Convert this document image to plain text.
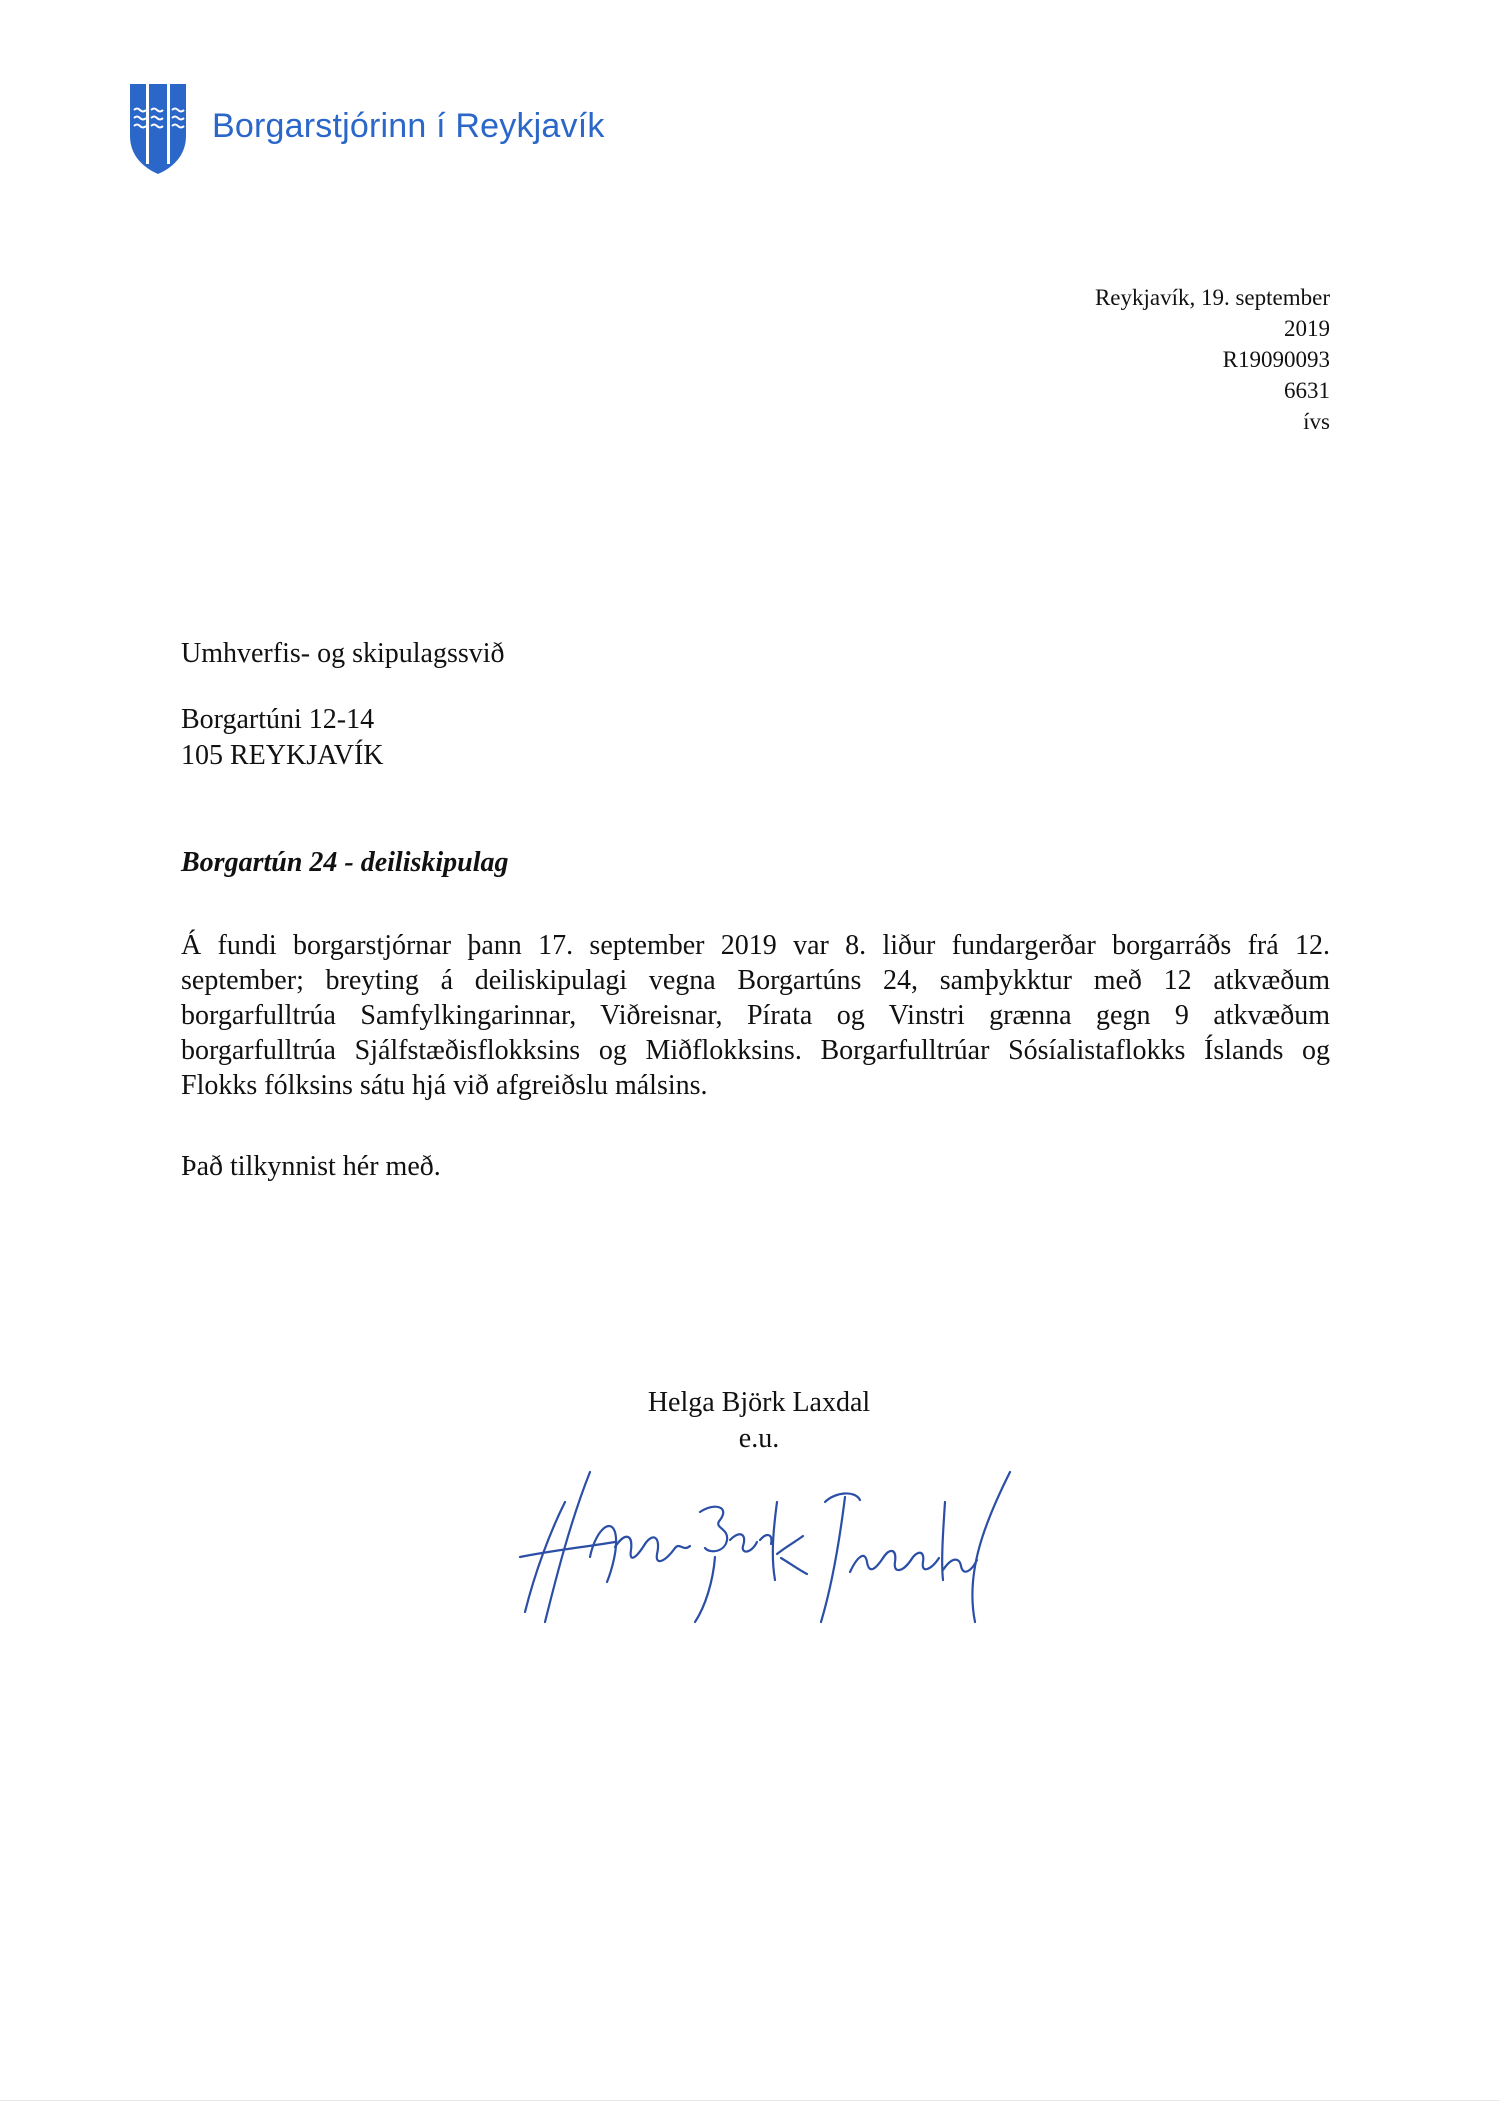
Borgarstjórinn í Reykjavík
Reykjavík, 19. september
2019
R19090093
6631
ívs
Umhverfis- og skipulagssvið
Borgartúni 12-14
105 REYKJAVÍK
Borgartún 24 - deiliskipulag

Á fundi borgarstjórnar þann 17. september 2019 var 8. liður fundargerðar borgarráðs frá 12. september; breyting á deiliskipulagi vegna Borgartúns 24, samþykktur með 12 atkvæðum borgarfulltrúa Samfylkingarinnar, Viðreisnar, Pírata og Vinstri grænna gegn 9 atkvæðum borgarfulltrúa Sjálfstæðisflokksins og Miðflokksins. Borgarfulltrúar Sósíalistaflokks Íslands og Flokks fólksins sátu hjá við afgreiðslu málsins.

Það tilkynnist hér með.
Helga Björk Laxdal
e.u.
